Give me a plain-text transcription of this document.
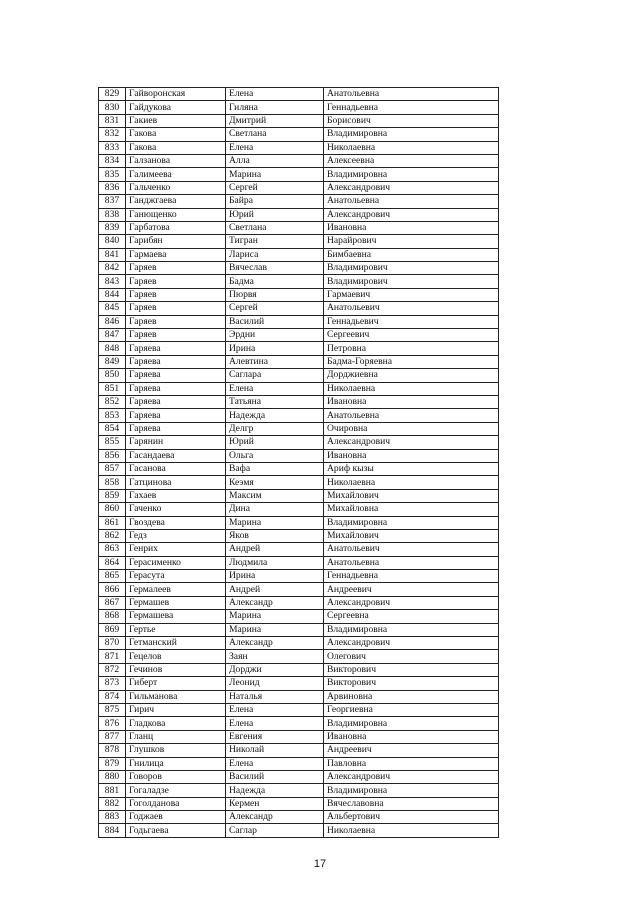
829	Гайворонская	Елена	Анатольевна
830	Гайдукова	Гиляна	Геннадьевна
831	Гакиев	Дмитрий	Борисович
832	Гакова	Светлана	Владимировна
833	Гакова	Елена	Николаевна
834	Галзанова	Алла	Алексеевна
835	Галимеева	Марина	Владимировна
836	Гальченко	Сергей	Александрович
837	Ганджгаева	Байра	Анатольевна
838	Ганющенко	Юрий	Александрович
839	Гарбатова	Светлана	Ивановна
840	Гарибян	Тигран	Нарайрович
841	Гармаева	Лариса	Бимбаевна
842	Гаряев	Вячеслав	Владимирович
843	Гаряев	Бадма	Владимирович
844	Гаряев	Пюрвя	Гармаевич
845	Гаряев	Сергей	Анатольевич
846	Гаряев	Василий	Геннадьевич
847	Гаряев	Эрдни	Сергеевич
848	Гаряева	Ирина	Петровна
849	Гаряева	Алевтина	Бадма-Горяевна
850	Гаряева	Саглара	Дорджиевна
851	Гаряева	Елена	Николаевна
852	Гаряева	Татьяна	Ивановна
853	Гаряева	Надежда	Анатольевна
854	Гаряева	Делгр	Очировна
855	Гарянин	Юрий	Александрович
856	Гасандаева	Ольга	Ивановна
857	Гасанова	Вафа	Ариф кызы
858	Гатцинова	Кеэмя	Николаевна
859	Гахаев	Максим	Михайлович
860	Гаченко	Дина	Михайловна
861	Гвоздева	Марина	Владимировна
862	Гедз	Яков	Михайлович
863	Генрих	Андрей	Анатольевич
864	Герасименко	Людмила	Анатольевна
865	Герасута	Ирина	Геннадьевна
866	Гермалеев	Андрей	Андреевич
867	Гермашев	Александр	Александрович
868	Гермашева	Марина	Сергеевна
869	Гертье	Марина	Владимировна
870	Гетманский	Александр	Александрович
871	Гецелов	Заян	Олегович
872	Гечинов	Дорджи	Викторович
873	Гиберт	Леонид	Викторович
874	Гильманова	Наталья	Арвиновна
875	Гирич	Елена	Георгиевна
876	Гладкова	Елена	Владимировна
877	Гланц	Евгения	Ивановна
878	Глушков	Николай	Андреевич
879	Гнилица	Елена	Павловна
880	Говоров	Василий	Александрович
881	Гогаладзе	Надежда	Владимировна
882	Гоголданова	Кермен	Вячеславовна
883	Годжаев	Александр	Альбертович
884	Годьгаева	Саглар	Николаевна
17
